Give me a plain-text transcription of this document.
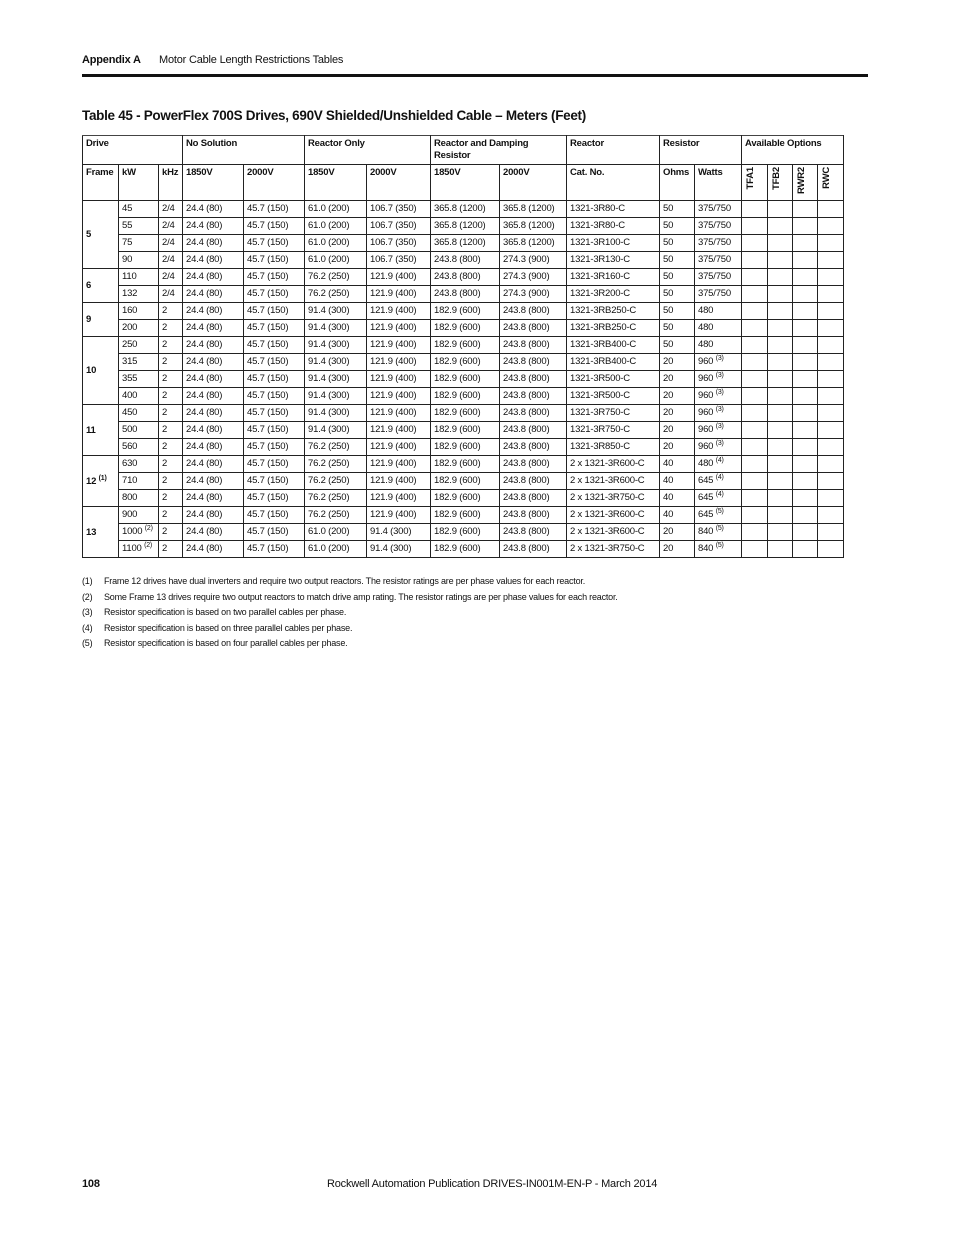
Appendix A Motor Cable Length Restrictions Tables
Table 45 - PowerFlex 700S Drives, 690V Shielded/Unshielded Cable – Meters (Feet)
Drive			No Solution		Reactor Only		Reactor and Damping Resistor		Reactor	Resistor		Available Options			
Frame	kW	kHz	1850V	2000V	1850V	2000V	1850V	2000V	Cat. No.	Ohms	Watts	TFA1	TFB2	RWR2	RWC
5	45	2/4	24.4 (80)	45.7 (150)	61.0 (200)	106.7 (350)	365.8 (1200)	365.8 (1200)	1321-3R80-C	50	375/750				
	55	2/4	24.4 (80)	45.7 (150)	61.0 (200)	106.7 (350)	365.8 (1200)	365.8 (1200)	1321-3R80-C	50	375/750				
	75	2/4	24.4 (80)	45.7 (150)	61.0 (200)	106.7 (350)	365.8 (1200)	365.8 (1200)	1321-3R100-C	50	375/750				
	90	2/4	24.4 (80)	45.7 (150)	61.0 (200)	106.7 (350)	243.8 (800)	274.3 (900)	1321-3R130-C	50	375/750				
6	110	2/4	24.4 (80)	45.7 (150)	76.2 (250)	121.9 (400)	243.8 (800)	274.3 (900)	1321-3R160-C	50	375/750				
	132	2/4	24.4 (80)	45.7 (150)	76.2 (250)	121.9 (400)	243.8 (800)	274.3 (900)	1321-3R200-C	50	375/750				
9	160	2	24.4 (80)	45.7 (150)	91.4 (300)	121.9 (400)	182.9 (600)	243.8 (800)	1321-3RB250-C	50	480				
	200	2	24.4 (80)	45.7 (150)	91.4 (300)	121.9 (400)	182.9 (600)	243.8 (800)	1321-3RB250-C	50	480				
10	250	2	24.4 (80)	45.7 (150)	91.4 (300)	121.9 (400)	182.9 (600)	243.8 (800)	1321-3RB400-C	50	480				
	315	2	24.4 (80)	45.7 (150)	91.4 (300)	121.9 (400)	182.9 (600)	243.8 (800)	1321-3RB400-C	20	960 $^{(3)}$				
	355	2	24.4 (80)	45.7 (150)	91.4 (300)	121.9 (400)	182.9 (600)	243.8 (800)	1321-3R500-C	20	960 $^{(3)}$				
	400	2	24.4 (80)	45.7 (150)	91.4 (300)	121.9 (400)	182.9 (600)	243.8 (800)	1321-3R500-C	20	960 $^{(3)}$				
11	450	2	24.4 (80)	45.7 (150)	91.4 (300)	121.9 (400)	182.9 (600)	243.8 (800)	1321-3R750-C	20	960 $^{(3)}$				
	500	2	24.4 (80)	45.7 (150)	91.4 (300)	121.9 (400)	182.9 (600)	243.8 (800)	1321-3R750-C	20	960 $^{(3)}$				
	560	2	24.4 (80)	45.7 (150)	76.2 (250)	121.9 (400)	182.9 (600)	243.8 (800)	1321-3R850-C	20	960 $^{(3)}$				
12 $^{(1)}$	630	2	24.4 (80)	45.7 (150)	76.2 (250)	121.9 (400)	182.9 (600)	243.8 (800)	2 x 1321-3R600-C	40	480 $^{(4)}$				
	710	2	24.4 (80)	45.7 (150)	76.2 (250)	121.9 (400)	182.9 (600)	243.8 (800)	2 x 1321-3R600-C	40	645 $^{(4)}$				
	800	2	24.4 (80)	45.7 (150)	76.2 (250)	121.9 (400)	182.9 (600)	243.8 (800)	2 x 1321-3R750-C	40	645 $^{(4)}$				
13	900	2	24.4 (80)	45.7 (150)	76.2 (250)	121.9 (400)	182.9 (600)	243.8 (800)	2 x 1321-3R600-C	40	645 $^{(5)}$				
	1000 $^{(2)}$	2	24.4 (80)	45.7 (150)	61.0 (200)	91.4 (300)	182.9 (600)	243.8 (800)	2 x 1321-3R600-C	20	840 $^{(5)}$				
	1100 $^{(2)}$	2	24.4 (80)	45.7 (150)	61.0 (200)	91.4 (300)	182.9 (600)	243.8 (800)	2 x 1321-3R750-C	20	840 $^{(5)}$				
(1) Frame 12 drives have dual inverters and require two output reactors. The resistor ratings are per phase values for each reactor.
(2) Some Frame 13 drives require two output reactors to match drive amp rating. The resistor ratings are per phase values for each reactor.
(3) Resistor specification is based on two parallel cables per phase.
(4) Resistor specification is based on three parallel cables per phase.
(5) Resistor specification is based on four parallel cables per phase.
108	Rockwell Automation Publication DRIVES-IN001M-EN-P - March 2014
